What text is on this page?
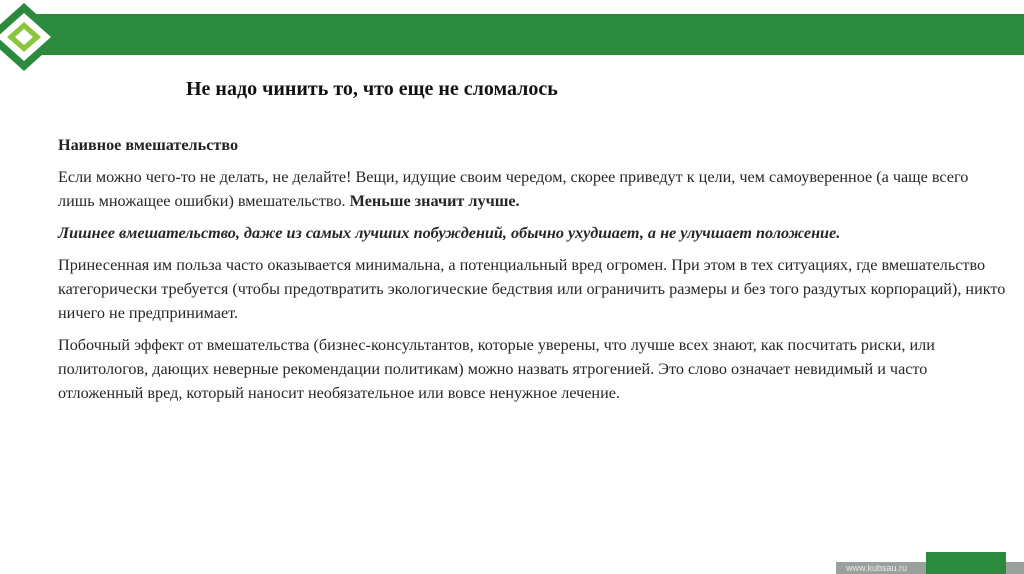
Не надо чинить то, что еще не сломалось

Наивное вмешательство

Если можно чего-то не делать, не делайте! Вещи, идущие своим чередом, скорее приведут к цели, чем самоуверенное (а чаще всего лишь множащее ошибки) вмешательство. Меньше значит лучше.

Лишнее вмешательство, даже из самых лучших побуждений, обычно ухудшает, а не улучшает положение.

Принесенная им польза часто оказывается минимальна, а потенциальный вред огромен. При этом в тех ситуациях, где вмешательство категорически требуется (чтобы предотвратить экологические бедствия или ограничить размеры и без того раздутых корпораций), никто ничего не предпринимает.

Побочный эффект от вмешательства (бизнес-консультантов, которые уверены, что лучше всех знают, как посчитать риски, или политологов, дающих неверные рекомендации политикам) можно назвать ятрогенией. Это слово означает невидимый и часто отложенный вред, который наносит необязательное или вовсе ненужное лечение.

www.kubsau.ru
